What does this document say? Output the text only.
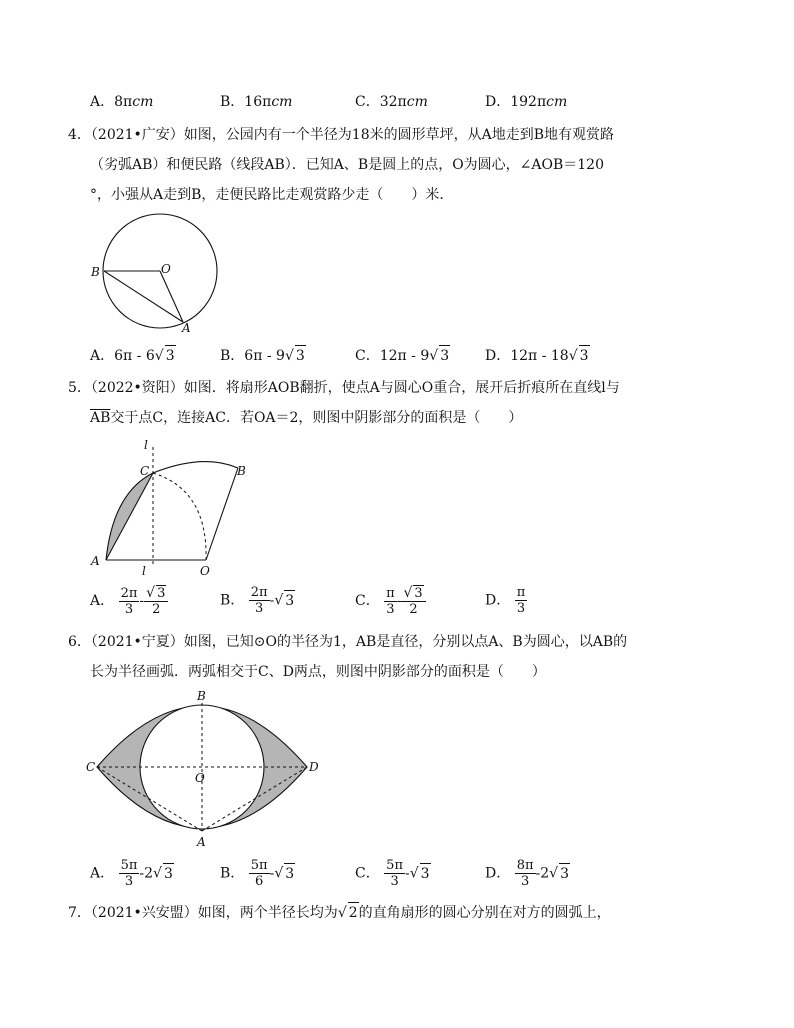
A．8πcm	B．16πcm	C．32πcm	D．192πcm
4．（2021•广安）如图，公园内有一个半径为18米的圆形草坪，从A地走到B地有观赏路
（劣弧AB）和便民路（线段AB）．已知A、B是圆上的点，O为圆心，∠AOB＝120
°，小强从A走到B，走便民路比走观赏路少走（　　）米．
B	O
A
A．6π - 6√ 3	B．6π - 9√ 3	C．12π - 9√ 3	D．12π - 18√ 3
5．（2022•资阳）如图．将扇形AOB翻折，使点A与圆心O重合，展开后折痕所在直线l与
$\overline{AB}$交于点C，连接AC．若OA＝2，则图中阴影部分的面积是（　　）
l
C	B
A
O
l
A． $\frac{2\pi}{3} - \frac{√ 3}{2}$	B． $\frac{2\pi}{3}$ -√ 3	C． $\frac{\pi}{3} - \frac{√ 3}{2}$	D． $\frac{\pi}{3}$
6．（2021•宁夏）如图，已知⊙O的半径为1，AB是直径，分别以点A、B为圆心，以AB的
长为半径画弧．两弧相交于C、D两点，则图中阴影部分的面积是（　　）
B
C
O
D
A
A． $\frac{5\pi}{3} -2√$ 3	B． $\frac{5\pi}{6}$ -√ 3	C． $\frac{5\pi}{3}$ -√ 3	D． $\frac{8\pi}{3} -2√$ 3
7．（2021•兴安盟）如图，两个半径长均为√ 2的直角扇形的圆心分别在对方的圆弧上，
